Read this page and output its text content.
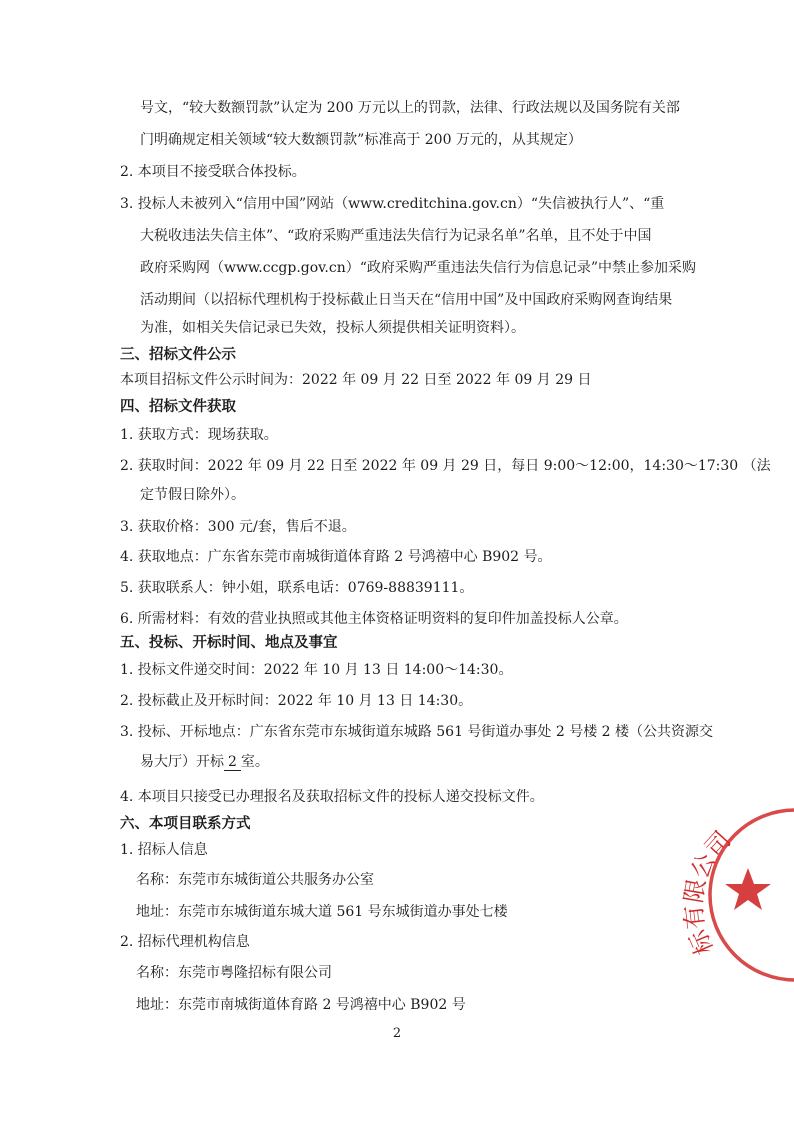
号文，“较大数额罚款”认定为 200 万元以上的罚款，法律、行政法规以及国务院有关部
门明确规定相关领域“较大数额罚款”标准高于 200 万元的，从其规定）
2. 本项目不接受联合体投标。
3. 投标人未被列入“信用中国”网站（www.creditchina.gov.cn）“失信被执行人”、“重
大税收违法失信主体”、“政府采购严重违法失信行为记录名单”名单，且不处于中国
政府采购网（www.ccgp.gov.cn）“政府采购严重违法失信行为信息记录”中禁止参加采购
活动期间（以招标代理机构于投标截止日当天在“信用中国”及中国政府采购网查询结果
为准，如相关失信记录已失效，投标人须提供相关证明资料）。
三、招标文件公示
本项目招标文件公示时间为：2022 年 09 月 22 日至 2022 年 09 月 29 日
四、招标文件获取
1. 获取方式：现场获取。
2. 获取时间：2022 年 09 月 22 日至 2022 年 09 月 29 日，每日 9:00～12:00，14:30～17:30 （法
定节假日除外）。
3. 获取价格：300 元/套，售后不退。
4. 获取地点：广东省东莞市南城街道体育路 2 号鸿禧中心 B902 号。
5. 获取联系人：钟小姐，联系电话：0769-88839111。
6. 所需材料：有效的营业执照或其他主体资格证明资料的复印件加盖投标人公章。
五、投标、开标时间、地点及事宜
1. 投标文件递交时间：2022 年 10 月 13 日 14:00～14:30。
2. 投标截止及开标时间：2022 年 10 月 13 日 14:30。
3. 投标、开标地点：广东省东莞市东城街道东城路 561 号街道办事处 2 号楼 2 楼（公共资源交
易大厅）开标 2 室。
4. 本项目只接受已办理报名及获取招标文件的投标人递交投标文件。
六、本项目联系方式
1. 招标人信息
名称：东莞市东城街道公共服务办公室
地址：东莞市东城街道东城大道 561 号东城街道办事处七楼
2. 招标代理机构信息
名称：东莞市粤隆招标有限公司
地址：东莞市南城街道体育路 2 号鸿禧中心 B902 号
2
标有限公司
